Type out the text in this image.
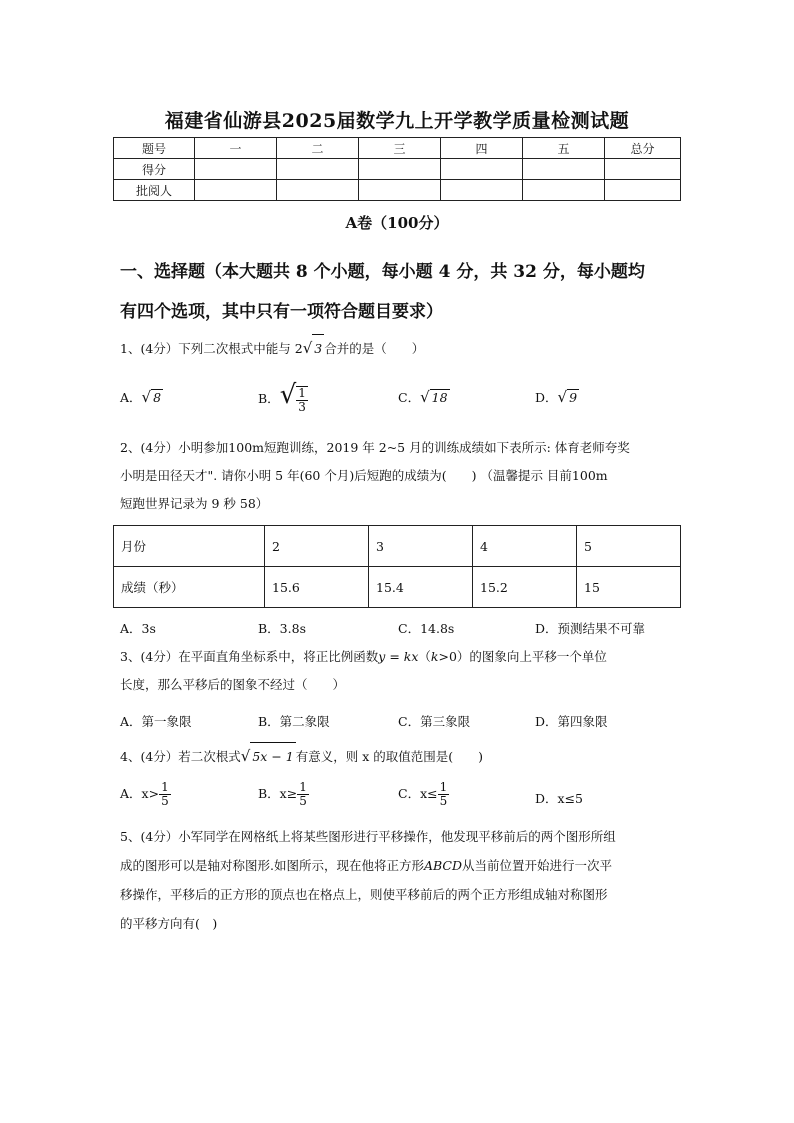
福建省仙游县2025届数学九上开学教学质量检测试题
题号	一	二	三	四	五	总分
得分						
批阅人						
A卷（100分）
一、选择题（本大题共 8 个小题，每小题 4 分，共 32 分，每小题均
有四个选项，其中只有一项符合题目要求）
1、(4分）下列二次根式中能与 2√ 3 合并的是（　　）
A．√ 8	B．√ $\frac{1}{3}$	C．√ 18	D．√ 9
2、(4分）小明参加100m短跑训练，2019 年 2~5 月的训练成绩如下表所示: 体育老师夸奖
小明是田径天才". 请你小明 5 年(60 个月)后短跑的成绩为(　　) （温馨提示 目前100m
短跑世界记录为 9 秒 58）
月份	2	3	4	5
成绩（秒）	15.6	15.4	15.2	15
A．3s	B．3.8s	C．14.8s	D．预测结果不可靠
3、(4分）在平面直角坐标系中，将正比例函数y = kx（k>0）的图象向上平移一个单位
长度，那么平移后的图象不经过（　　）
A．第一象限	B．第二象限	C．第三象限	D．第四象限
4、(4分）若二次根式√ 5x − 1 有意义，则 x 的取值范围是(　　)
A．$x> \frac{1}{5}$	B．$x\ge \frac{1}{5}$	C．$x\le \frac{1}{5}$	D．x≤5
5、(4分）小军同学在网格纸上将某些图形进行平移操作，他发现平移前后的两个图形所组
成的图形可以是轴对称图形.如图所示，现在他将正方形ABCD从当前位置开始进行一次平
移操作，平移后的正方形的顶点也在格点上，则使平移前后的两个正方形组成轴对称图形
的平移方向有(　)
